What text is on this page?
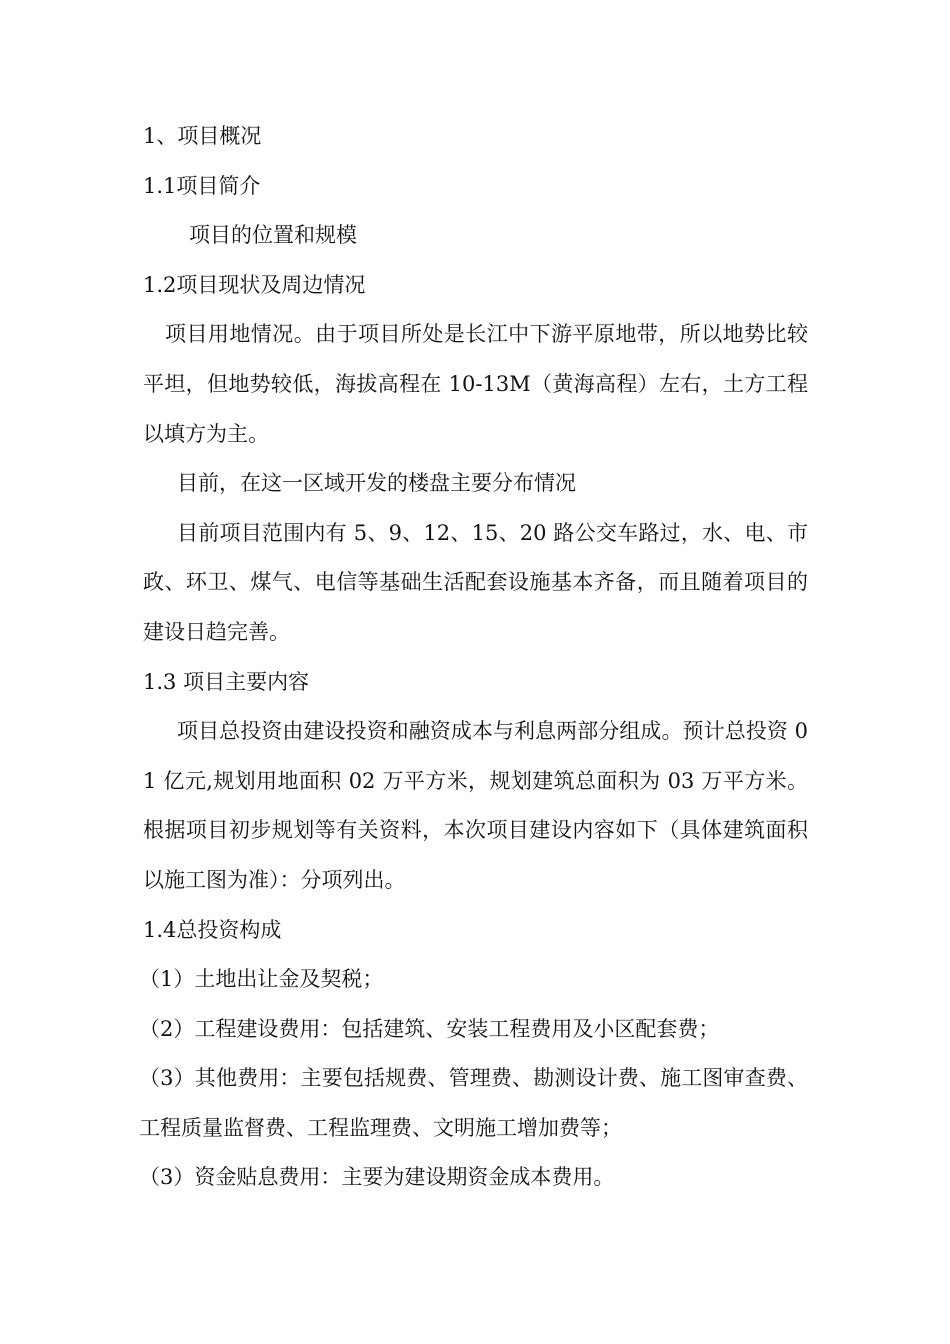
1、项目概况

1.1项目简介

项目的位置和规模

1.2项目现状及周边情况

项目用地情况。由于项目所处是长江中下游平原地带，所以地势比较平坦，但地势较低，海拔高程在 10-13M（黄海高程）左右，土方工程以填方为主。

目前，在这一区域开发的楼盘主要分布情况

目前项目范围内有 5、9、12、15、20 路公交车路过，水、电、市政、环卫、煤气、电信等基础生活配套设施基本齐备，而且随着项目的建设日趋完善。

1.3 项目主要内容

项目总投资由建设投资和融资成本与利息两部分组成。预计总投资 01 亿元,规划用地面积 02 万平方米，规划建筑总面积为 03 万平方米。根据项目初步规划等有关资料，本次项目建设内容如下（具体建筑面积以施工图为准）：分项列出。

1.4总投资构成

（1）土地出让金及契税；

（2）工程建设费用：包括建筑、安装工程费用及小区配套费；

（3）其他费用：主要包括规费、管理费、勘测设计费、施工图审查费、工程质量监督费、工程监理费、文明施工增加费等；

（3）资金贴息费用：主要为建设期资金成本费用。
